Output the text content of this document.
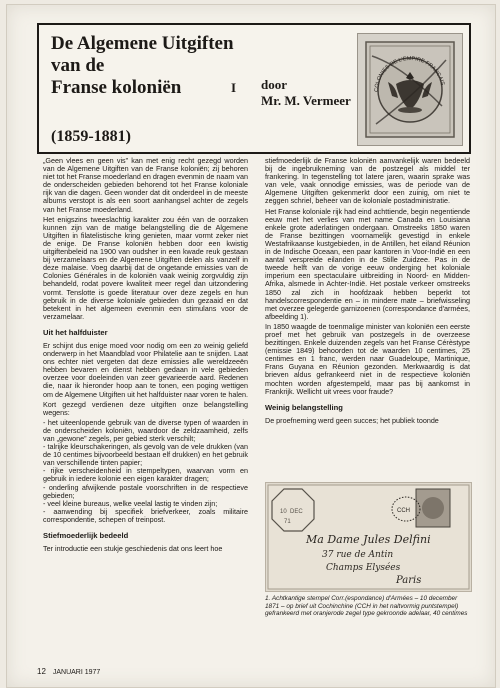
De Algemene Uitgiften
van de
Franse koloniën	I door
Mr. M. Vermeer
(1859-1881)
COLONIES DE L'EMPIRE FRANCAIS

„Geen vlees en geen vis” kan met enig recht gezegd worden van de Algemene Uitgiften van de Franse koloniën; zij behoren niet tot het Franse moederland en dragen evenmin de naam van de onderscheiden gebieden behorend tot het Franse koloniale rijk van die dagen. Geen wonder dat dit onderdeel in de meeste albums verstopt is als een soort aanhangsel achter de zegels van het Franse moederland.

Het enigszins tweeslachtig karakter zou één van de oorzaken kunnen zijn van de matige belangstelling die de Algemene Uitgiften in filatelistische kring genieten, maar vormt zeker niet de enige. De Franse koloniën hebben door een kwistig uitgiftenbeleid na 1900 van oudsher in een kwade reuk gestaan bij verzamelaars en de Algemene Uitgiften delen als vanzelf in deze malaise. Voeg daarbij dat de ongetande emissies van de Colonies Générales in de koloniën vaak weinig zorgvuldig zijn behandeld, rodat povere kwaliteit meer regel dan uitzondering vormt. Tenslotte is goede literatuur over deze zegels en hun gebruik in de diverse koloniale gebieden dun gezaaid en dat betekent in het algemeen evenmin een stimulans voor de verzamelaar.

Uit het halfduister

Er schijnt dus enige moed voor nodig om een zo weinig geliefd onderwerp in het Maandblad voor Philatelie aan te snijden. Laat ons echter niet vergeten dat deze emissies alle wereldzeeën hebben bevaren en dienst hebben gedaan in vele gebieden overzee voor doeleinden van zeer gevarieerde aard. Redenen die, naar ik hieronder hoop aan te tonen, een poging wettigen om de Algemene Uitgiften uit het halfduister naar voren te halen.

Kort gezegd verdienen deze uitgiften onze belangstelling wegens:

- het uiteenlopende gebruik van de diverse typen of waarden in de onderscheiden koloniën, waardoor de zeldzaamheid, zelfs van „gewone” zegels, per gebied sterk verschilt;
- talrijke kleurschakeringen, als gevolg van de vele drukken (van de 10 centimes bijvoorbeeld bestaan elf drukken) en het gebruik van verschillende tinten papier;
- rijke verscheidenheid in stempeltypen, waarvan vorm en gebruik in iedere kolonie een eigen karakter dragen;
- onderling afwijkende postale voorschriften in de respectieve gebieden;
- veel kleine bureaus, welke veelal lastig te vinden zijn;
- aanwending bij specifiek briefverkeer, zoals militaire correspondentie, schepen of treinpost.
Stiefmoederlijk bedeeld

Ter introductie een stukje geschiedenis dat ons leert hoe

stiefmoederlijk de Franse koloniën aanvankelijk waren bedeeld bij de ingebruikneming van de postzegel als middel ter frankering. In tegenstelling tot latere jaren, waarin sprake was van vele, vaak onnodige emissies, was de periode van de Algemene Uitgiften gekenmerkt door een zuinig, om niet te zeggen schriel, beheer van de koloniale postadministratie.

Het Franse koloniale rijk had eind achttiende, begin negentiende eeuw met het verlies van met name Canada en Louisiana enkele grote aderlatingen ondergaan. Omstreeks 1850 waren de Franse bezittingen voornamelijk gevestigd in enkele Westafrikaanse kustgebieden, in de Antillen, het eiland Réunion in de Indische Oceaan, een paar kantoren in Voor-Indië en een aantal verspreide eilanden in de Stille Zuidzee. Pas in de tweede helft van de vorige eeuw onderging het koloniale imperium een spectaculaire uitbreiding in Noord- en Midden-Afrika, alsmede in Achter-Indië. Het postale verkeer omstreeks 1850 zal zich in hoofdzaak hebben beperkt tot handelscorrespondentie en – in mindere mate – briefwisseling met overzee gelegerde garnizoenen (correspondance d'armées, afbeelding 1).

In 1850 waagde de toenmalige minister van koloniën een eerste proef met het gebruik van postzegels in de overzeese bezittingen. Enkele duizenden zegels van het Franse Cérèstype (emissie 1849) behoorden tot de waarden 10 centimes, 25 centimes en 1 franc, werden naar Guadeloupe, Martinique, Frans Guyana en Réunion gezonden. Merkwaardig is dat brieven aldus gefrankeerd niet in de respectieve koloniën mochten worden afgestempeld, maar pas bij aankomst in Frankrijk. Wellicht uit vrees voor fraude?

Weinig belangstelling

De proefneming werd geen succes; het publiek toonde

10 DEC
71
CCH
Ma Dame Jules Delfini
37 rue de Antin
Champs Elysées
Paris
1. Achtkantige stempel Corr.(espondance) d'Armées – 10 december 1871 – op brief uit Cochinchine (CCH in het naltvormig puntstempel) gefrankeerd met oranjerode zegel type gekroonde adelaar, 40 centimes
12 JANUARI 1977
